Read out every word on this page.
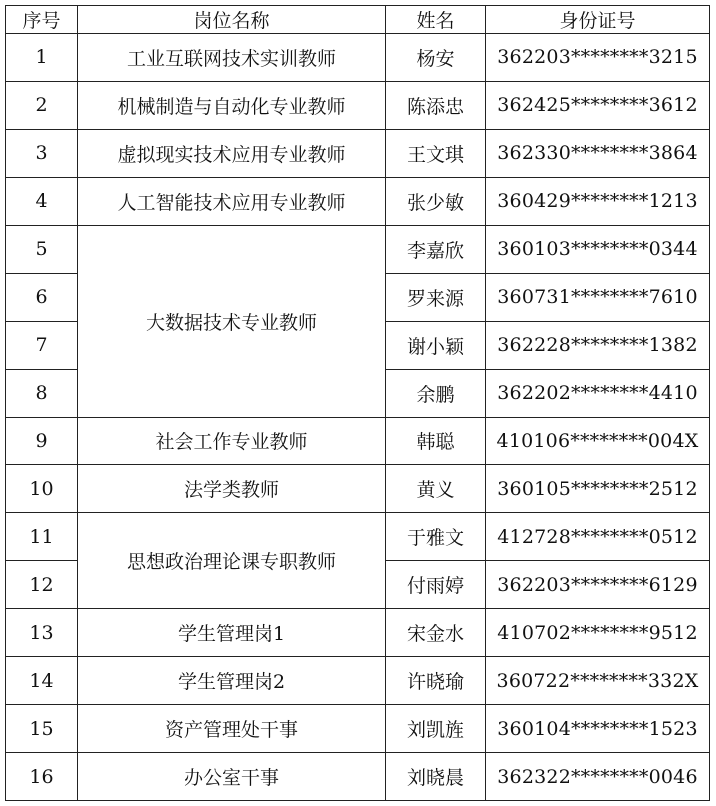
序号	岗位名称	姓名	身份证号
1	工业互联网技术实训教师	杨安	362203********3215
2	机械制造与自动化专业教师	陈添忠	362425********3612
3	虚拟现实技术应用专业教师	王文琪	362330********3864
4	人工智能技术应用专业教师	张少敏	360429********1213
5	大数据技术专业教师	李嘉欣	360103********0344
6		罗来源	360731********7610
7		谢小颖	362228********1382
8		余鹏	362202********4410
9	社会工作专业教师	韩聪	410106********004X
10	法学类教师	黄义	360105********2512
11	思想政治理论课专职教师	于雅文	412728********0512
12		付雨婷	362203********6129
13	学生管理岗1	宋金水	410702********9512
14	学生管理岗2	许晓瑜	360722********332X
15	资产管理处干事	刘凯旌	360104********1523
16	办公室干事	刘晓晨	362322********0046
